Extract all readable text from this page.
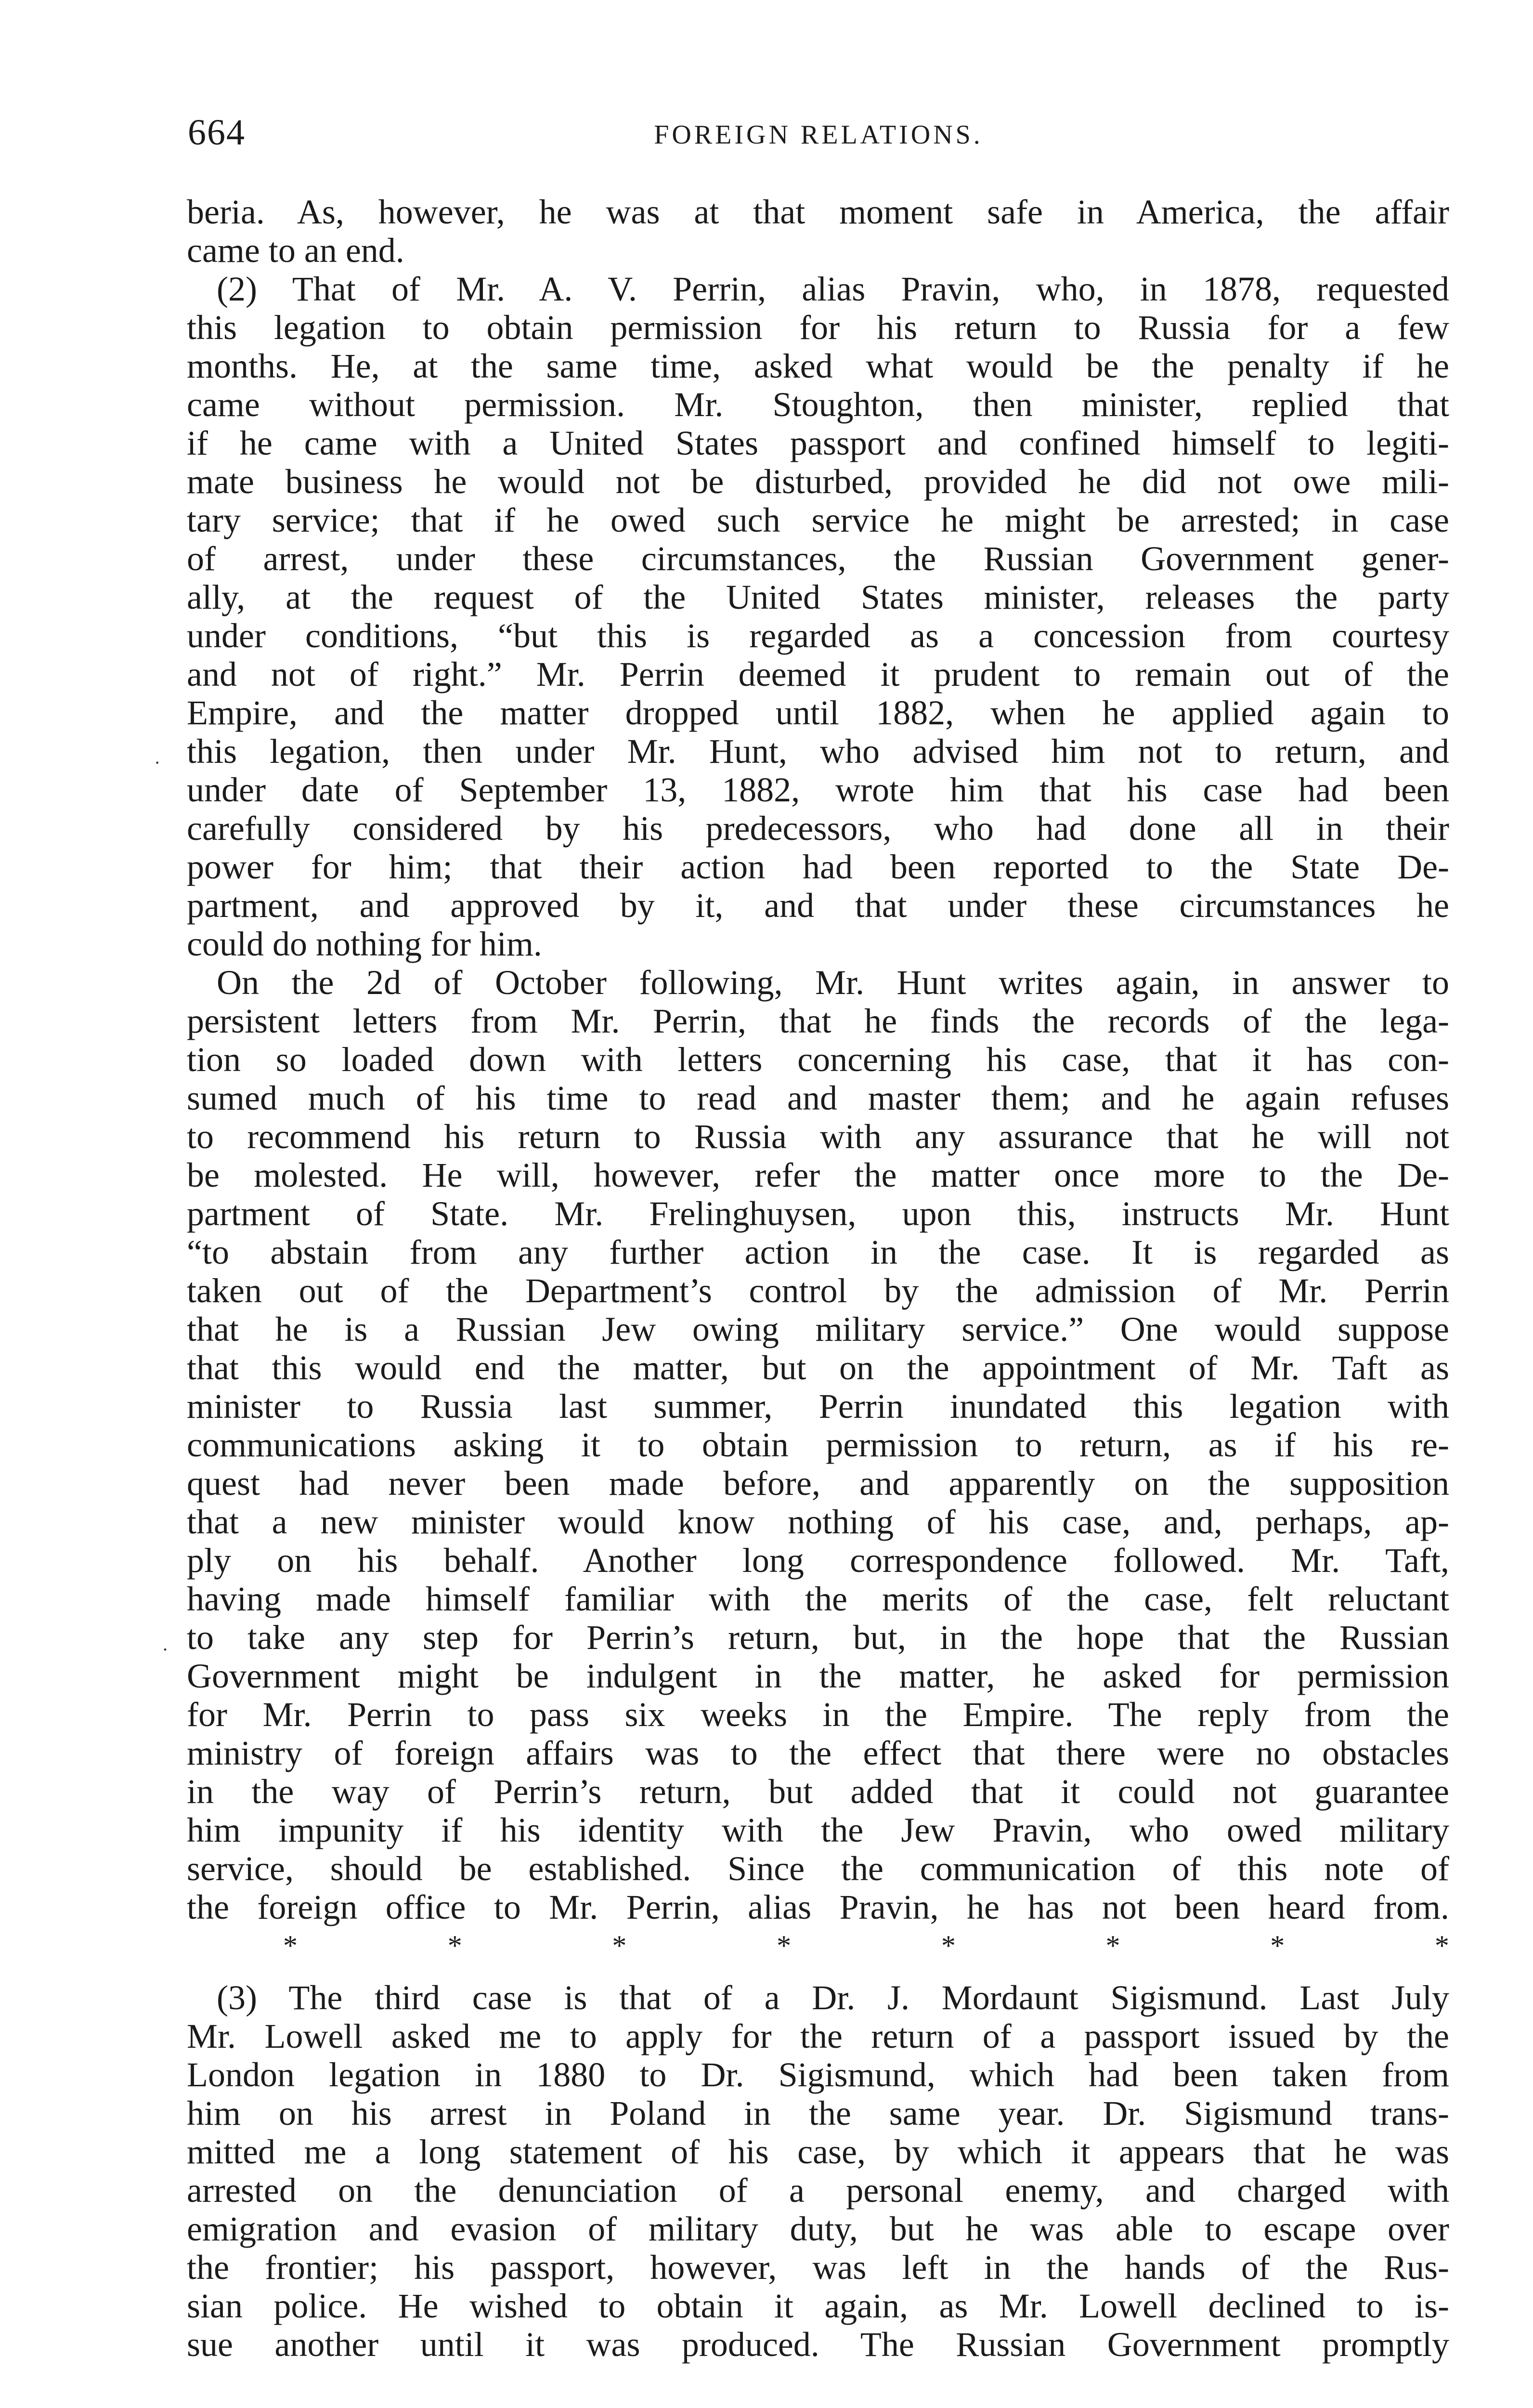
664	FOREIGN RELATIONS.
beria. As, however, he was at that moment safe in America, the affair
came to an end.
(2) That of Mr. A. V. Perrin, alias Pravin, who, in 1878, requested
this legation to obtain permission for his return to Russia for a few
months. He, at the same time, asked what would be the penalty if he
came without permission. Mr. Stoughton, then minister, replied that
if he came with a United States passport and confined himself to legiti-
mate business he would not be disturbed, provided he did not owe mili-
tary service; that if he owed such service he might be arrested; in case
of arrest, under these circumstances, the Russian Government gener-
ally, at the request of the United States minister, releases the party
under conditions, “but this is regarded as a concession from courtesy
and not of right.” Mr. Perrin deemed it prudent to remain out of the
Empire, and the matter dropped until 1882, when he applied again to
this legation, then under Mr. Hunt, who advised him not to return, and
under date of September 13, 1882, wrote him that his case had been
carefully considered by his predecessors, who had done all in their
power for him; that their action had been reported to the State De-
partment, and approved by it, and that under these circumstances he
could do nothing for him.
On the 2d of October following, Mr. Hunt writes again, in answer to
persistent letters from Mr. Perrin, that he finds the records of the lega-
tion so loaded down with letters concerning his case, that it has con-
sumed much of his time to read and master them; and he again refuses
to recommend his return to Russia with any assurance that he will not
be molested. He will, however, refer the matter once more to the De-
partment of State. Mr. Frelinghuysen, upon this, instructs Mr. Hunt
“to abstain from any further action in the case. It is regarded as
taken out of the Department’s control by the admission of Mr. Perrin
that he is a Russian Jew owing military service.” One would suppose
that this would end the matter, but on the appointment of Mr. Taft as
minister to Russia last summer, Perrin inundated this legation with
communications asking it to obtain permission to return, as if his re-
quest had never been made before, and apparently on the supposition
that a new minister would know nothing of his case, and, perhaps, ap-
ply on his behalf. Another long correspondence followed. Mr. Taft,
having made himself familiar with the merits of the case, felt reluctant
to take any step for Perrin’s return, but, in the hope that the Russian
Government might be indulgent in the matter, he asked for permission
for Mr. Perrin to pass six weeks in the Empire. The reply from the
ministry of foreign affairs was to the effect that there were no obstacles
in the way of Perrin’s return, but added that it could not guarantee
him impunity if his identity with the Jew Pravin, who owed military
service, should be established. Since the communication of this note of
the foreign office to Mr. Perrin, alias Pravin, he has not been heard from.
*	*	*	*	*	*	*	*
(3) The third case is that of a Dr. J. Mordaunt Sigismund. Last July
Mr. Lowell asked me to apply for the return of a passport issued by the
London legation in 1880 to Dr. Sigismund, which had been taken from
him on his arrest in Poland in the same year. Dr. Sigismund trans-
mitted me a long statement of his case, by which it appears that he was
arrested on the denunciation of a personal enemy, and charged with
emigration and evasion of military duty, but he was able to escape over
the frontier; his passport, however, was left in the hands of the Rus-
sian police. He wished to obtain it again, as Mr. Lowell declined to is-
sue another until it was produced. The Russian Government promptly
·
.
